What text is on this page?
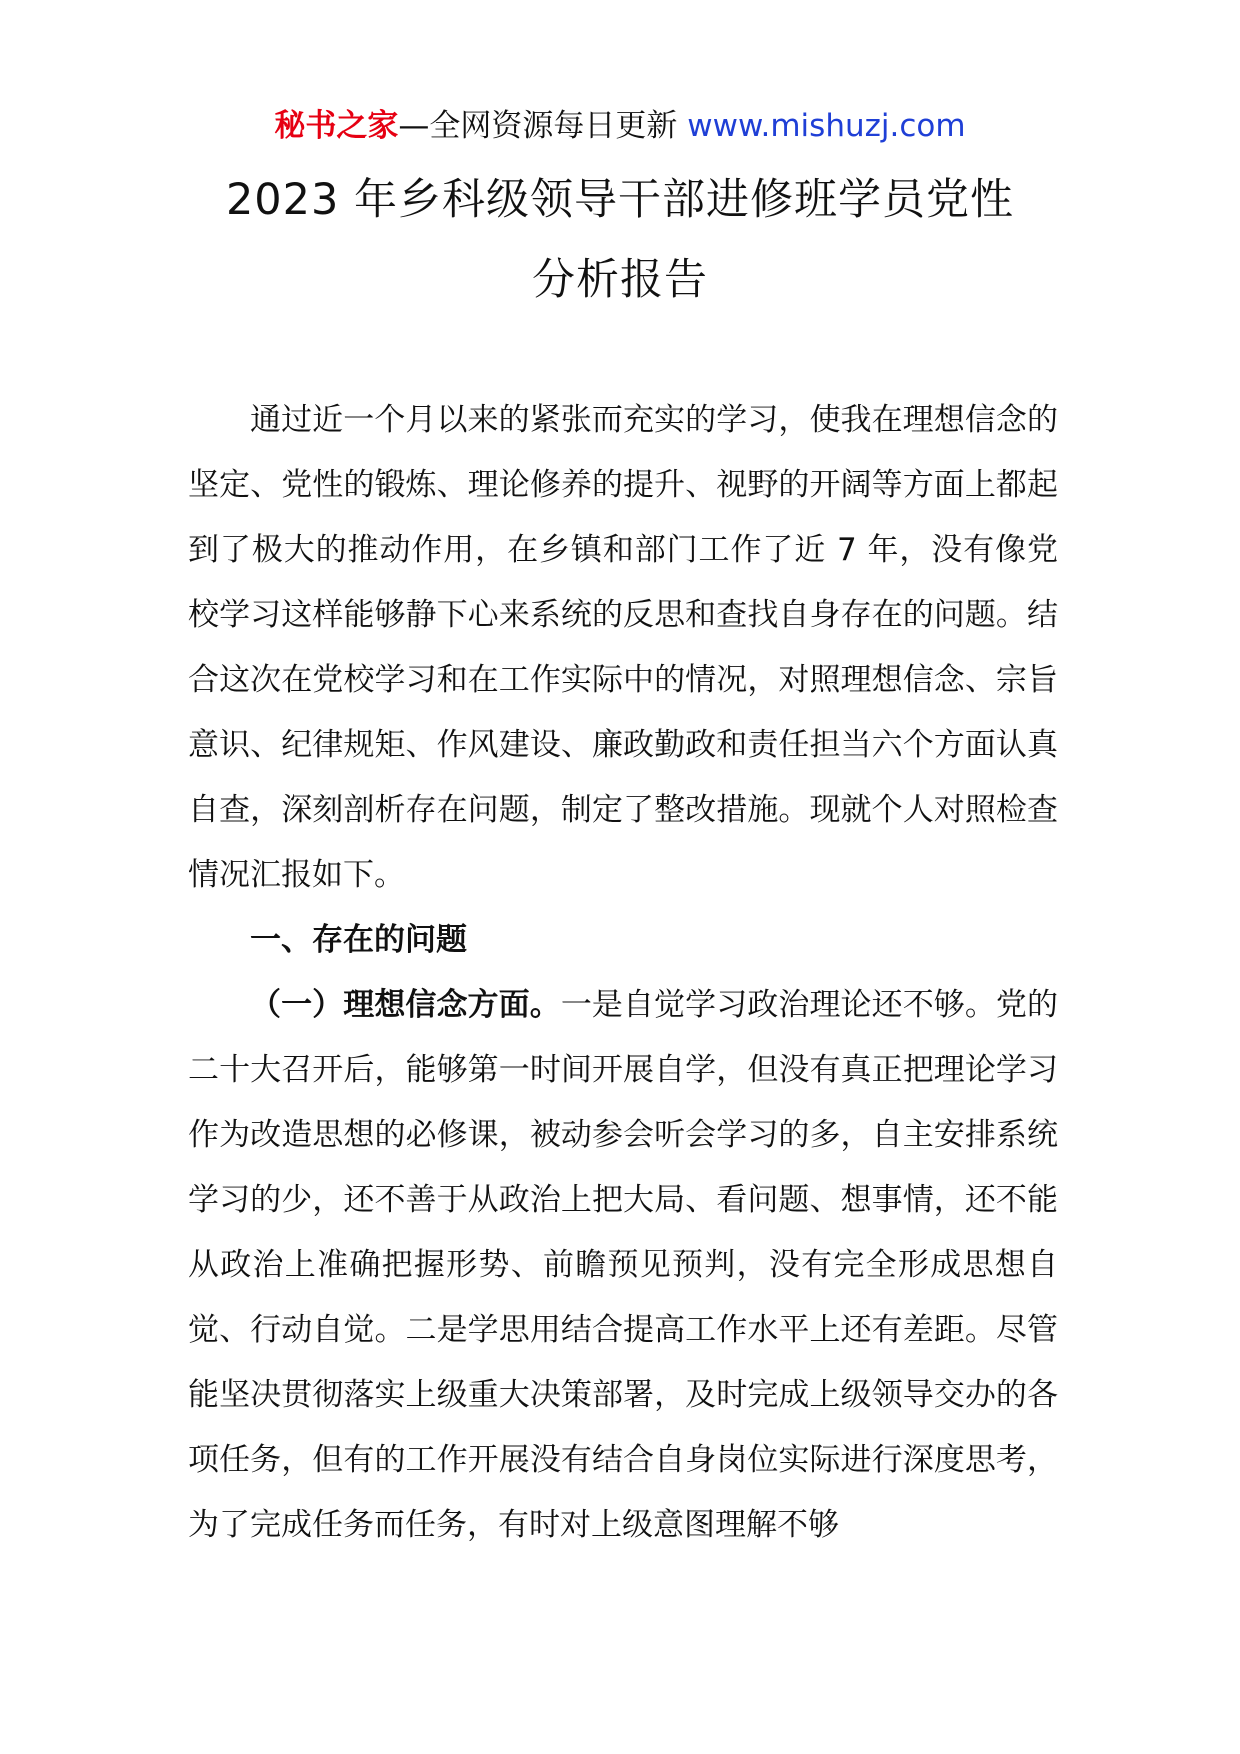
秘书之家—全网资源每日更新 www.mishuzj.com
2023 年乡科级领导干部进修班学员党性
分析报告

通过近一个月以来的紧张而充实的学习，使我在理想信念的坚定、党性的锻炼、理论修养的提升、视野的开阔等方面上都起到了极大的推动作用，在乡镇和部门工作了近 7 年，没有像党校学习这样能够静下心来系统的反思和查找自身存在的问题。结合这次在党校学习和在工作实际中的情况，对照理想信念、宗旨意识、纪律规矩、作风建设、廉政勤政和责任担当六个方面认真自查，深刻剖析存在问题，制定了整改措施。现就个人对照检查情况汇报如下。

一、存在的问题

（一）理想信念方面。一是自觉学习政治理论还不够。党的二十大召开后，能够第一时间开展自学，但没有真正把理论学习作为改造思想的必修课，被动参会听会学习的多，自主安排系统学习的少，还不善于从政治上把大局、看问题、想事情，还不能从政治上准确把握形势、前瞻预见预判，没有完全形成思想自觉、行动自觉。二是学思用结合提高工作水平上还有差距。尽管能坚决贯彻落实上级重大决策部署，及时完成上级领导交办的各项任务，但有的工作开展没有结合自身岗位实际进行深度思考，为了完成任务而任务，有时对上级意图理解不够
